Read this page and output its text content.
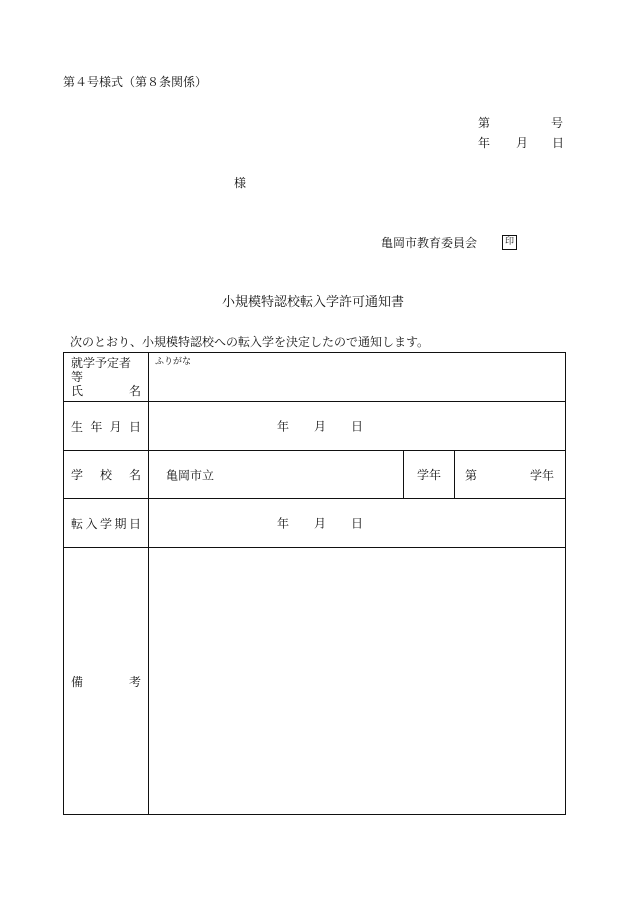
第４号様式（第８条関係）
第	号
年 月 日
様
亀岡市教育委員会	印
小規模特認校転入学許可通知書
次のとおり、小規模特認校への転入学を決定したので通知します。
就学予定者等
氏 名	ふりがな		

生 年 月 日	年 月 日		

学 校 名	亀岡市立	学年	第 学年

転 入 学 期 日	年 月 日		

備 考			
